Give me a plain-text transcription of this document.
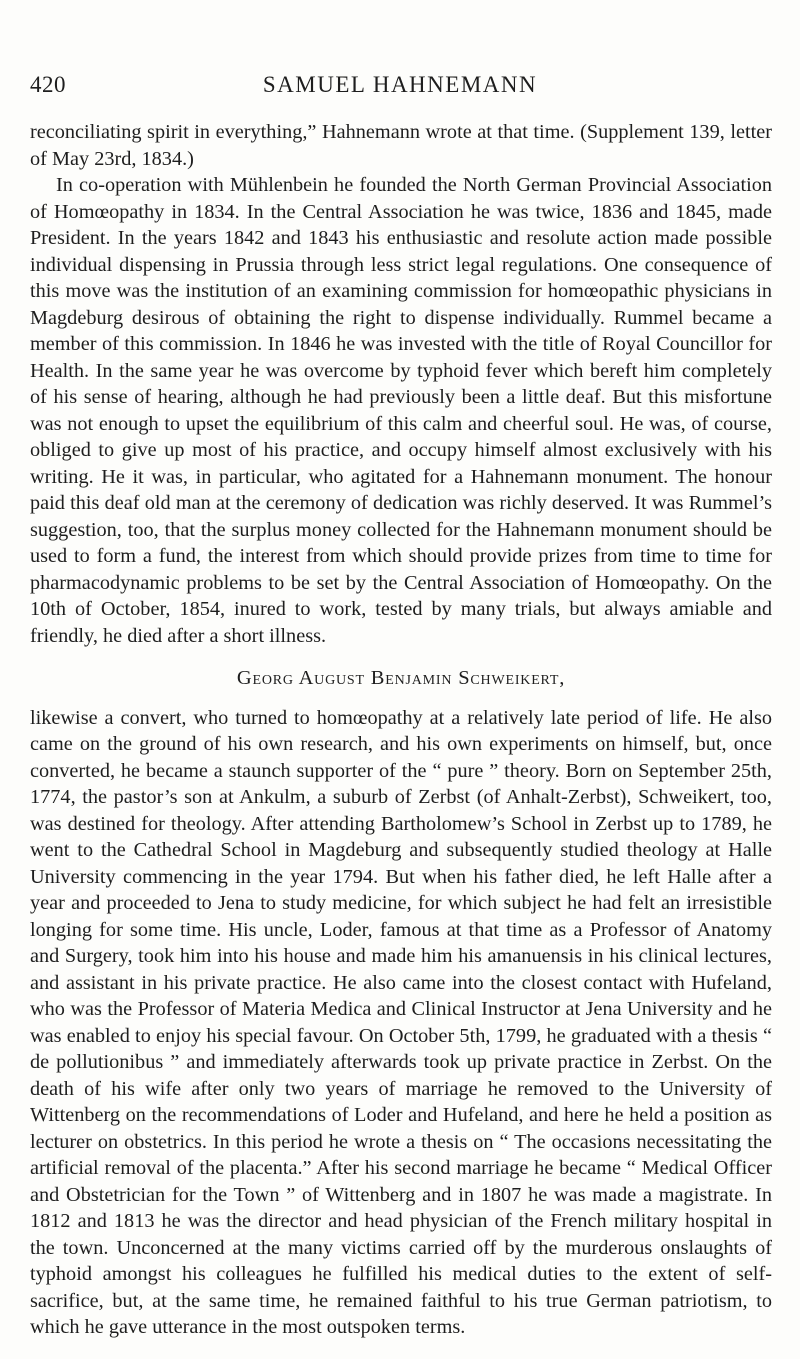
420	SAMUEL HAHNEMANN

reconciliating spirit in everything,” Hahnemann wrote at that time. (Supplement 139, letter of May 23rd, 1834.)

In co-operation with Mühlenbein he founded the North German Provincial Association of Homœopathy in 1834. In the Central Association he was twice, 1836 and 1845, made President. In the years 1842 and 1843 his enthusiastic and resolute action made possible individual dispensing in Prussia through less strict legal regulations. One consequence of this move was the institution of an examining commission for homœopathic physicians in Magdeburg desirous of obtaining the right to dispense individually. Rummel became a member of this commission. In 1846 he was invested with the title of Royal Councillor for Health. In the same year he was overcome by typhoid fever which bereft him completely of his sense of hearing, although he had previously been a little deaf. But this misfortune was not enough to upset the equilibrium of this calm and cheerful soul. He was, of course, obliged to give up most of his practice, and occupy himself almost exclusively with his writing. He it was, in particular, who agitated for a Hahnemann monument. The honour paid this deaf old man at the ceremony of dedication was richly deserved. It was Rummel’s suggestion, too, that the surplus money collected for the Hahnemann monument should be used to form a fund, the interest from which should provide prizes from time to time for pharmacodynamic problems to be set by the Central Association of Homœopathy. On the 10th of October, 1854, inured to work, tested by many trials, but always amiable and friendly, he died after a short illness.

Georg August Benjamin Schweikert,

likewise a convert, who turned to homœopathy at a relatively late period of life. He also came on the ground of his own research, and his own experiments on himself, but, once converted, he became a staunch supporter of the “ pure ” theory. Born on September 25th, 1774, the pastor’s son at Ankulm, a suburb of Zerbst (of Anhalt-Zerbst), Schweikert, too, was destined for theology. After attending Bartholomew’s School in Zerbst up to 1789, he went to the Cathedral School in Magdeburg and subsequently studied theology at Halle University commencing in the year 1794. But when his father died, he left Halle after a year and proceeded to Jena to study medicine, for which subject he had felt an irresistible longing for some time. His uncle, Loder, famous at that time as a Professor of Anatomy and Surgery, took him into his house and made him his amanuensis in his clinical lectures, and assistant in his private practice. He also came into the closest contact with Hufeland, who was the Professor of Materia Medica and Clinical Instructor at Jena University and he was enabled to enjoy his special favour. On October 5th, 1799, he graduated with a thesis “ de pollutionibus ” and immediately afterwards took up private practice in Zerbst. On the death of his wife after only two years of marriage he removed to the University of Wittenberg on the recommendations of Loder and Hufeland, and here he held a position as lecturer on obstetrics. In this period he wrote a thesis on “ The occasions necessitating the artificial removal of the placenta.” After his second marriage he became “ Medical Officer and Obstetrician for the Town ” of Wittenberg and in 1807 he was made a magistrate. In 1812 and 1813 he was the director and head physician of the French military hospital in the town. Unconcerned at the many victims carried off by the murderous onslaughts of typhoid amongst his colleagues he fulfilled his medical duties to the extent of self-sacrifice, but, at the same time, he remained faithful to his true German patriotism, to which he gave utterance in the most outspoken terms.
